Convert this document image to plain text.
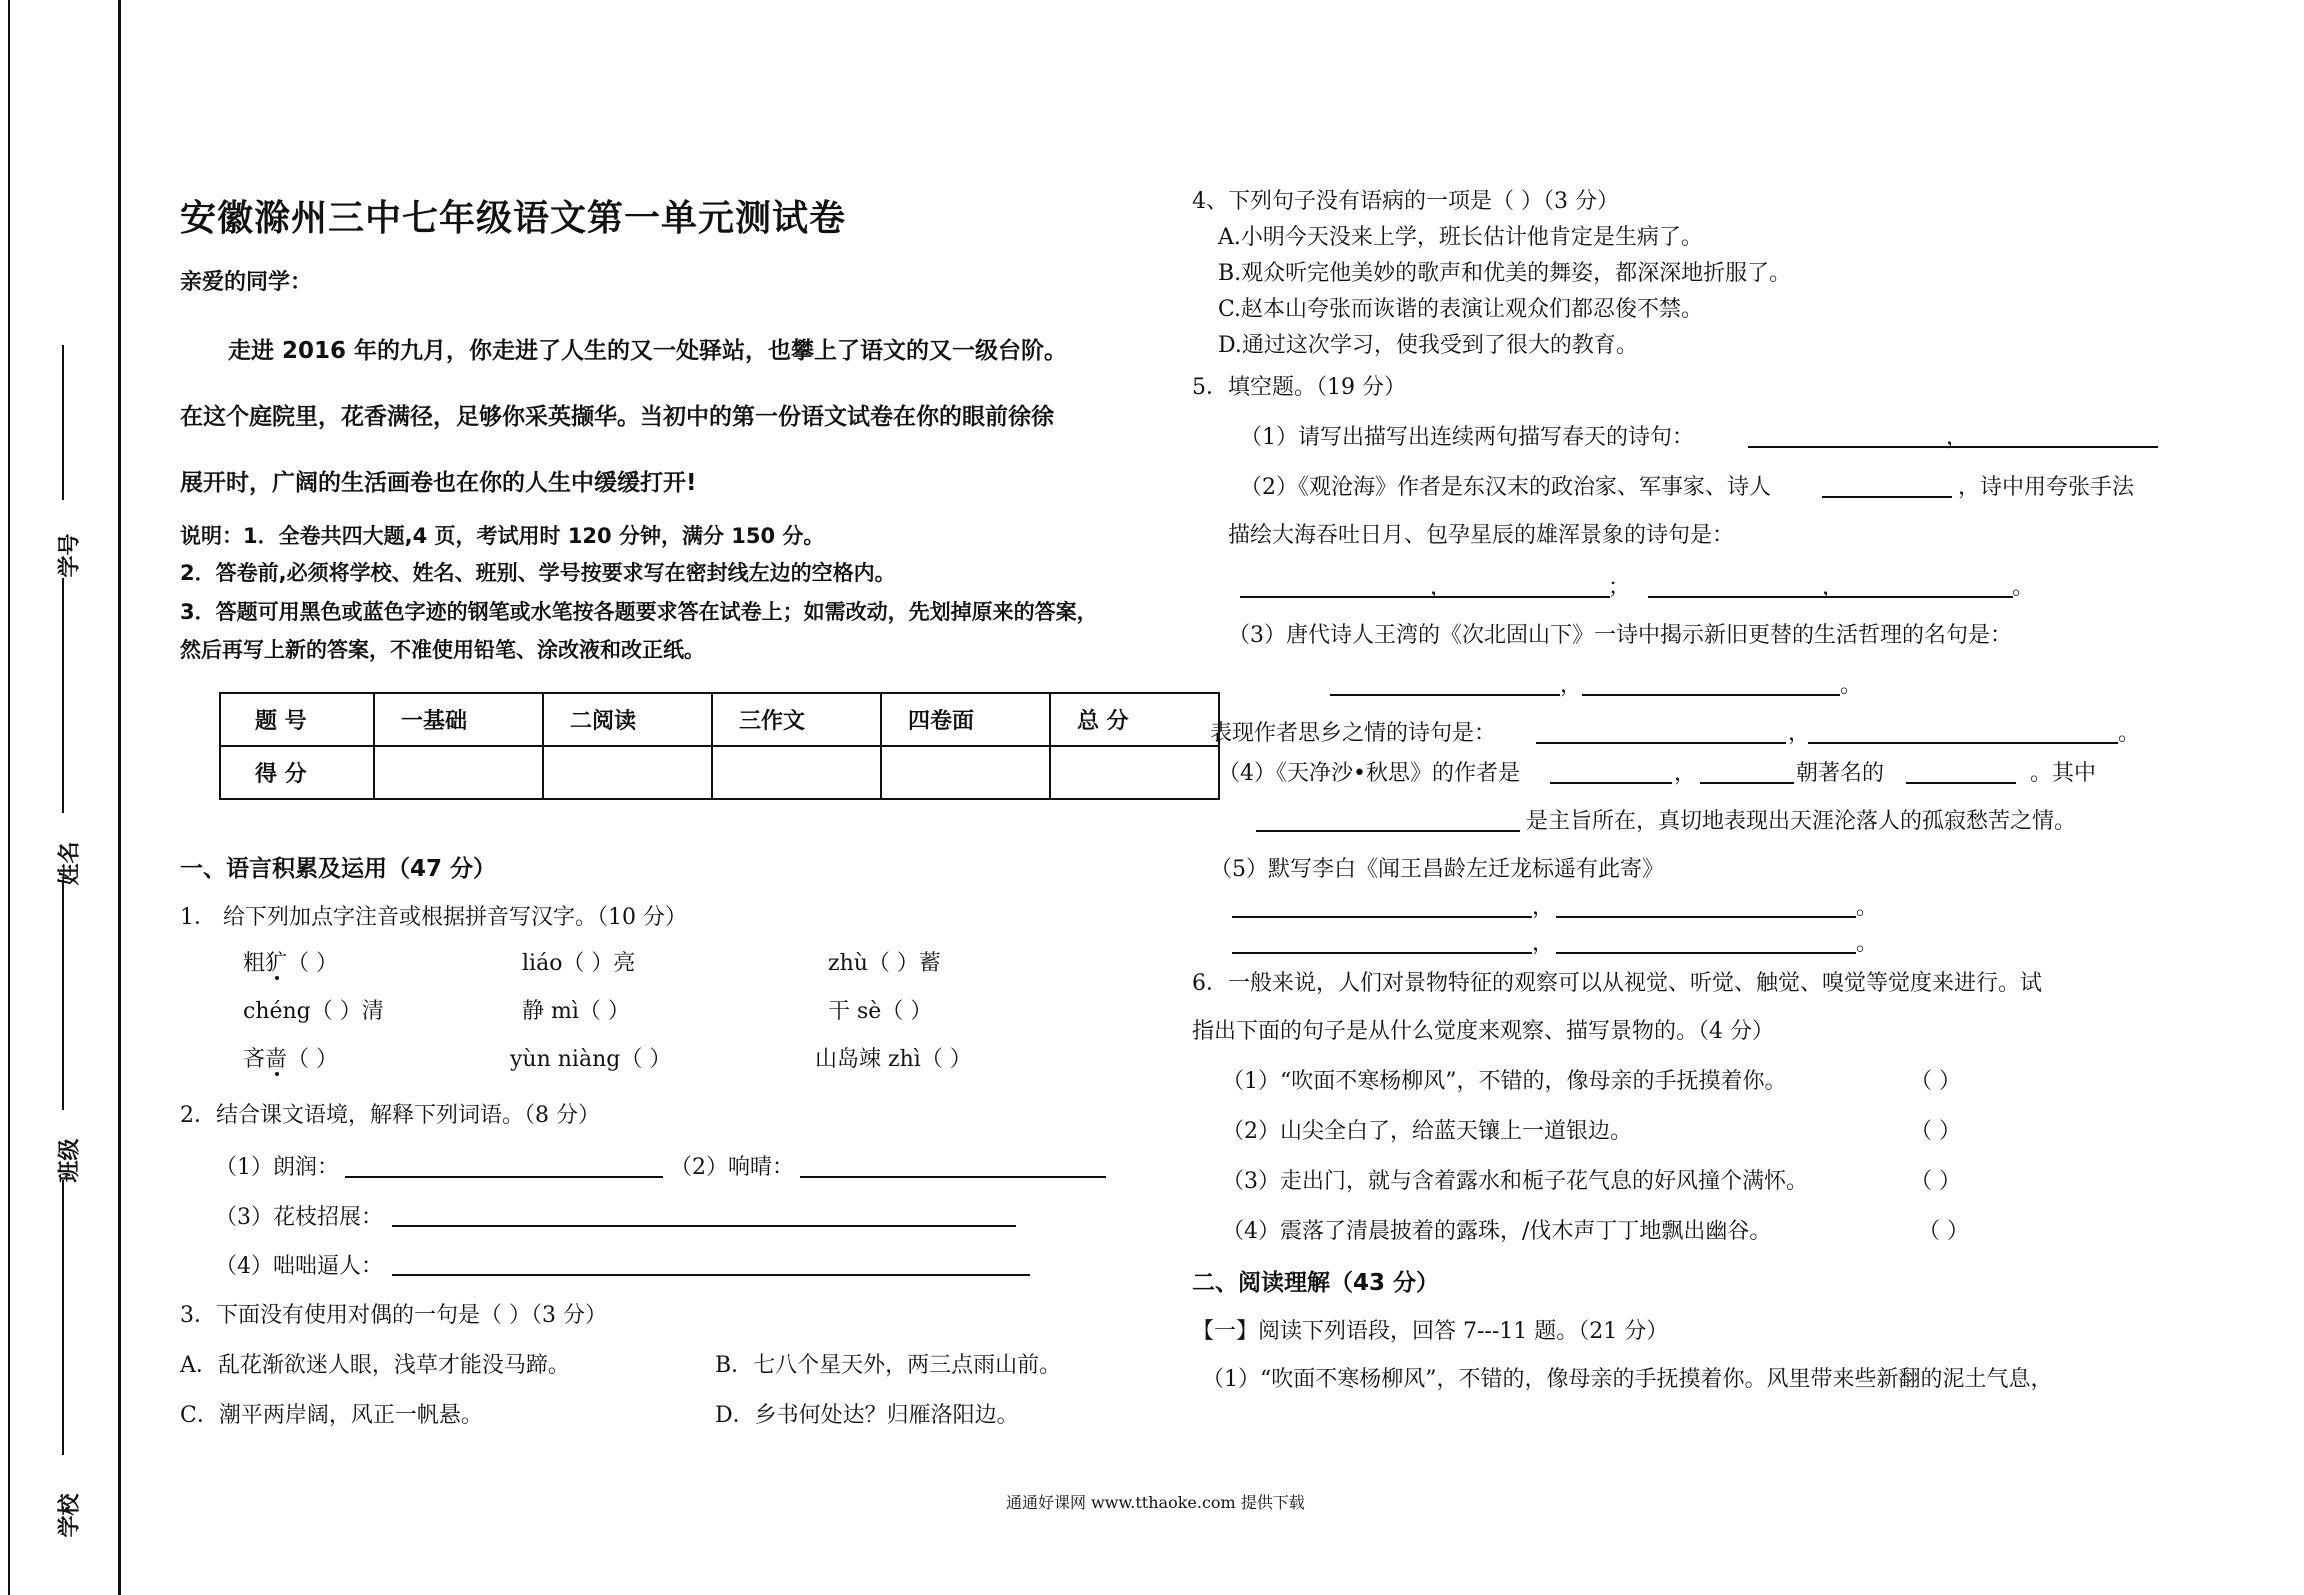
学号
姓名
班级
学校
安徽滁州三中七年级语文第一单元测试卷
亲爱的同学：
走进 2016 年的九月，你走进了人生的又一处驿站，也攀上了语文的又一级台阶。
在这个庭院里，花香满径，足够你采英撷华。当初中的第一份语文试卷在你的眼前徐徐
展开时，广阔的生活画卷也在你的人生中缓缓打开!
说明：1．全卷共四大题,4 页，考试用时 120 分钟，满分 150 分。
2．答卷前,必须将学校、姓名、班别、学号按要求写在密封线左边的空格内。
3．答题可用黑色或蓝色字迹的钢笔或水笔按各题要求答在试卷上；如需改动，先划掉原来的答案，
然后再写上新的答案，不准使用铅笔、涂改液和改正纸。
题 号	一基础	二阅读	三作文	四卷面	总 分
得 分					
一、语言积累及运用（47 分）
1． 给下列加点字注音或根据拼音写汉字。（10 分）
粗犷（ ）	liáo（ ）亮	zhù（ ）蓄
chéng（ ）清	静 mì（ ）	干 sè（ ）
吝啬（ ）	yùn niàng（ ）	山岛竦 zhì（ ）
2．结合课文语境，解释下列词语。（8 分）
（1）朗润：	（2）响晴：
（3）花枝招展：
（4）咄咄逼人：
3．下面没有使用对偶的一句是（ ）（3 分）
A．乱花渐欲迷人眼，浅草才能没马蹄。	B．七八个星天外，两三点雨山前。
C．潮平两岸阔，风正一帆悬。	D．乡书何处达？归雁洛阳边。
4、下列句子没有语病的一项是（ ）（3 分）
A.小明今天没来上学，班长估计他肯定是生病了。
B.观众听完他美妙的歌声和优美的舞姿，都深深地折服了。
C.赵本山夸张而诙谐的表演让观众们都忍俊不禁。
D.通过这次学习，使我受到了很大的教育。
5．填空题。（19 分）
（1）请写出描写出连续两句描写春天的诗句：	，
（2）《观沧海》作者是东汉末的政治家、军事家、诗人	，诗中用夸张手法
描绘大海吞吐日月、包孕星辰的雄浑景象的诗句是：
，	；	，	。
（3）唐代诗人王湾的《次北固山下》一诗中揭示新旧更替的生活哲理的名句是：
，	。
表现作者思乡之情的诗句是：	，	。
（4）《天净沙•秋思》的作者是	，	朝著名的	。其中
是主旨所在，真切地表现出天涯沦落人的孤寂愁苦之情。
（5）默写李白《闻王昌龄左迁龙标遥有此寄》
，	。
，	。
6．一般来说，人们对景物特征的观察可以从视觉、听觉、触觉、嗅觉等觉度来进行。试
指出下面的句子是从什么觉度来观察、描写景物的。（4 分）
（1）“吹面不寒杨柳风”，不错的，像母亲的手抚摸着你。	（ ）
（2）山尖全白了，给蓝天镶上一道银边。	（ ）
（3）走出门，就与含着露水和栀子花气息的好风撞个满怀。	（ ）
（4）震落了清晨披着的露珠，/伐木声丁丁地飘出幽谷。	（ ）
二、阅读理解（43 分）
【一】阅读下列语段，回答 7---11 题。（21 分）
（1）“吹面不寒杨柳风”，不错的，像母亲的手抚摸着你。风里带来些新翻的泥土气息，
通通好课网 www.tthaoke.com 提供下载
